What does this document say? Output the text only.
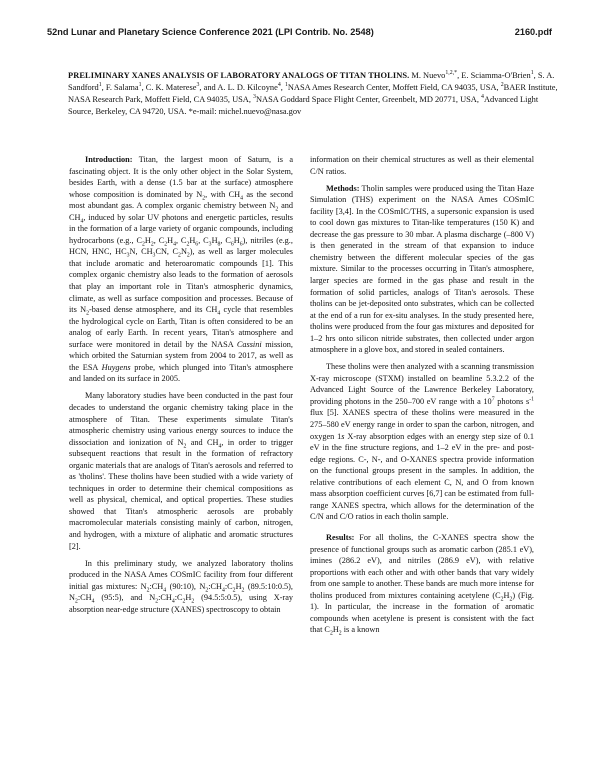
52nd Lunar and Planetary Science Conference 2021 (LPI Contrib. No. 2548)	2160.pdf
PRELIMINARY XANES ANALYSIS OF LABORATORY ANALOGS OF TITAN THOLINS. M. Nuevo$^{1,2,*}$, E. Sciamma-O'Brien$^1$, S. A. Sandford$^1$, F. Salama$^1$, C. K. Materese$^3$, and A. L. D. Kilcoyne$^4$, $^1$NASA Ames Research Center, Moffett Field, CA 94035, USA, $^2$BAER Institute, NASA Research Park, Moffett Field, CA 94035, USA, $^3$NASA Goddard Space Flight Center, Greenbelt, MD 20771, USA, $^4$Advanced Light Source, Berkeley, CA 94720, USA. *e-mail: michel.nuevo@nasa.gov

Introduction: Titan, the largest moon of Saturn, is a fascinating object. It is the only other object in the Solar System, besides Earth, with a dense (1.5 bar at the surface) atmosphere whose composition is dominated by $N_2$, with $CH_4$ as the second most abundant gas. A complex organic chemistry between $N_2$ and $CH_4$, induced by solar UV photons and energetic particles, results in the formation of a large variety of organic compounds, including hydrocarbons (e.g., $C_2H_2$, $C_2H_4$, $C_2H_6$, $C_3H_8$, $C_6H_6$), nitriles (e.g., HCN, HNC, $HC_3N$, $CH_3CN$, $C_2N_2$), as well as larger molecules that include aromatic and heteroaromatic compounds [1]. This complex organic chemistry also leads to the formation of aerosols that play an important role in Titan's atmospheric dynamics, climate, as well as surface composition and processes. Because of its $N_2$-based dense atmosphere, and its $CH_4$ cycle that resembles the hydrological cycle on Earth, Titan is often considered to be an analog of early Earth. In recent years, Titan's atmosphere and surface were monitored in detail by the NASA Cassini mission, which orbited the Saturnian system from 2004 to 2017, as well as the ESA Huygens probe, which plunged into Titan's atmosphere and landed on its surface in 2005.

Many laboratory studies have been conducted in the past four decades to understand the organic chemistry taking place in the atmosphere of Titan. These experiments simulate Titan's atmospheric chemistry using various energy sources to induce the dissociation and ionization of $N_2$ and $CH_4$, in order to trigger subsequent reactions that result in the formation of refractory organic materials that are analogs of Titan's aerosols and referred to as 'tholins'. These tholins have been studied with a wide variety of techniques in order to determine their chemical compositions as well as physical, chemical, and optical properties. These studies showed that Titan's atmospheric aerosols are probably macromolecular materials consisting mainly of carbon, nitrogen, and hydrogen, with a mixture of aliphatic and aromatic structures [2].

In this preliminary study, we analyzed laboratory tholins produced in the NASA Ames COSmIC facility from four different initial gas mixtures: $N_2:CH_4$ (90:10), $N_2:CH_4:C_2H_2$ (89.5:10:0.5), $N_2:CH_4$ (95:5), and $N_2:CH_4:C_2H_2$ (94.5:5:0.5), using X-ray absorption near-edge structure (XANES) spectroscopy to obtain

information on their chemical structures as well as their elemental C/N ratios.

Methods: Tholin samples were produced using the Titan Haze Simulation (THS) experiment on the NASA Ames COSmIC facility [3,4]. In the COSmIC/THS, a supersonic expansion is used to cool down gas mixtures to Titan-like temperatures (150 K) and decrease the gas pressure to 30 mbar. A plasma discharge (–800 V) is then generated in the stream of that expansion to induce chemistry between the different molecular species of the gas mixture. Similar to the processes occurring in Titan's atmosphere, larger species are formed in the gas phase and result in the formation of solid particles, analogs of Titan's aerosols. These tholins can be jet-deposited onto substrates, which can be collected at the end of a run for ex-situ analyses. In the study presented here, tholins were produced from the four gas mixtures and deposited for 1–2 hrs onto silicon nitride substrates, then collected under argon atmosphere in a glove box, and stored in sealed containers.

These tholins were then analyzed with a scanning transmission X-ray microscope (STXM) installed on beamline 5.3.2.2 of the Advanced Light Source of the Lawrence Berkeley Laboratory, providing photons in the 250–700 eV range with a $10^7$ photons $s^{-1}$ flux [5]. XANES spectra of these tholins were measured in the 275–580 eV energy range in order to span the carbon, nitrogen, and oxygen 1s X-ray absorption edges with an energy step size of 0.1 eV in the fine structure regions, and 1–2 eV in the pre- and post-edge regions. C-, N-, and O-XANES spectra provide information on the functional groups present in the samples. In addition, the relative contributions of each element C, N, and O from known mass absorption coefficient curves [6,7] can be estimated from full-range XANES spectra, which allows for the determination of the C/N and C/O ratios in each tholin sample.

Results: For all tholins, the C-XANES spectra show the presence of functional groups such as aromatic carbon (285.1 eV), imines (286.2 eV), and nitriles (286.9 eV), with relative proportions with each other and with other bands that vary widely from one sample to another. These bands are much more intense for tholins produced from mixtures containing acetylene $(C_2H_2)$ (Fig. 1). In particular, the increase in the formation of aromatic compounds when acetylene is present is consistent with the fact that $C_2H_2$ is a known
